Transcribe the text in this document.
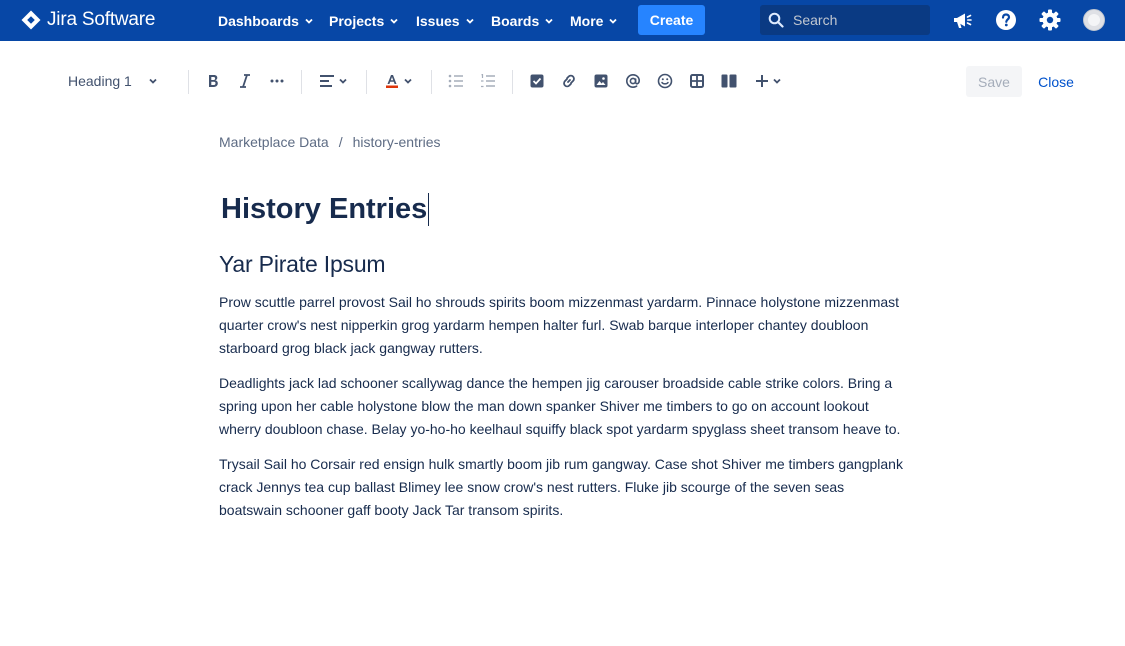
Jira Software	Dashboards Projects Issues Boards More	Create
Search
Heading 1	Save	Close
Marketplace Data / history-entries
History Entries
Yar Pirate Ipsum

Prow scuttle parrel provost Sail ho shrouds spirits boom mizzenmast yardarm. Pinnace holystone mizzenmast quarter crow's nest nipperkin grog yardarm hempen halter furl. Swab barque interloper chantey doubloon starboard grog black jack gangway rutters.

Deadlights jack lad schooner scallywag dance the hempen jig carouser broadside cable strike colors. Bring a spring upon her cable holystone blow the man down spanker Shiver me timbers to go on account lookout wherry doubloon chase. Belay yo-ho-ho keelhaul squiffy black spot yardarm spyglass sheet transom heave to.

Trysail Sail ho Corsair red ensign hulk smartly boom jib rum gangway. Case shot Shiver me timbers gangplank crack Jennys tea cup ballast Blimey lee snow crow's nest rutters. Fluke jib scourge of the seven seas boatswain schooner gaff booty Jack Tar transom spirits.
